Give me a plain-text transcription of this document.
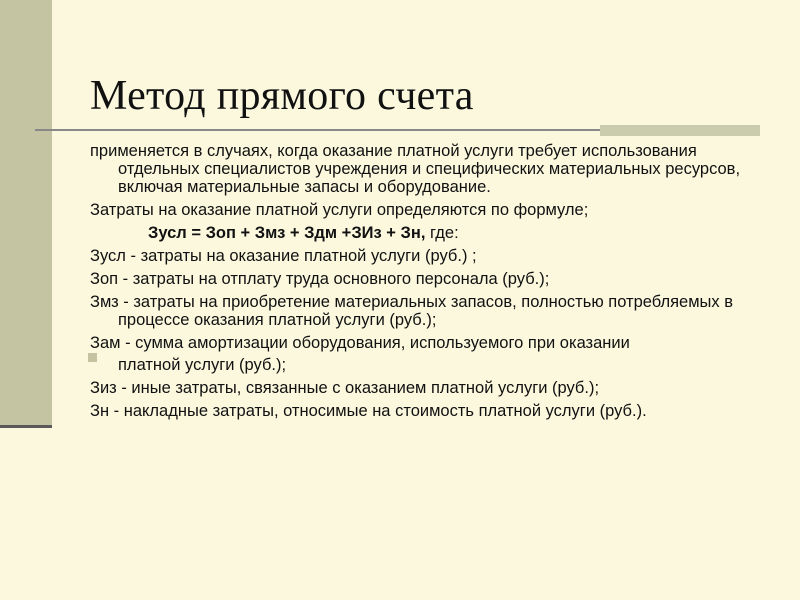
Метод прямого счета
применяется в случаях, когда оказание платной услуги требует использования отдельных специалистов учреждения и специфических материальных ресурсов, включая материальные запасы и оборудование.
Затраты на оказание платной услуги определяются по формуле;
Зусл = Зоп + Змз + Здм +ЗИз + Зн, где:
Зусл - затраты на оказание платной услуги (руб.) ;
Зоп - затраты на отплату труда основного персонала (руб.);
Змз - затраты на приобретение материальных запасов, полностью потребляемых в процессе оказания платной услуги (руб.);
Зам - сумма амортизации оборудования, используемого при оказании
платной услуги (руб.);
Зиз - иные затраты, связанные с оказанием платной услуги (руб.);
Зн - накладные затраты, относимые на стоимость платной услуги (руб.).
